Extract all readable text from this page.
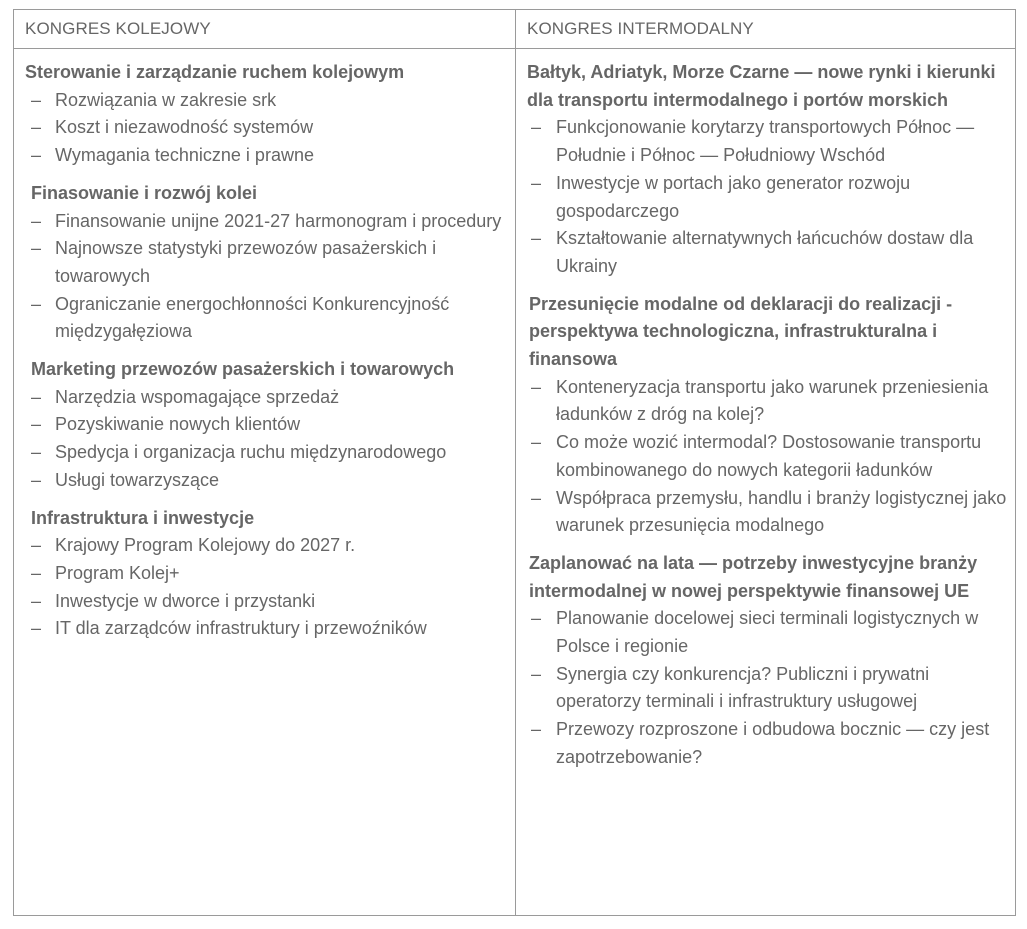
KONGRES KOLEJOWY	KONGRES INTERMODALNY
Sterowanie i zarządzanie ruchem kolejowym
– Rozwiązania w zakresie srk
– Koszt i niezawodność systemów
– Wymagania techniczne i prawne
Finasowanie i rozwój kolei
– Finansowanie unijne 2021-27 harmonogram i procedury
– Najnowsze statystyki przewozów pasażerskich i towarowych
– Ograniczanie energochłonności Konkurencyjność międzygałęziowa
Marketing przewozów pasażerskich i towarowych
– Narzędzia wspomagające sprzedaż
– Pozyskiwanie nowych klientów
– Spedycja i organizacja ruchu międzynarodowego
– Usługi towarzyszące
Infrastruktura i inwestycje
– Krajowy Program Kolejowy do 2027 r.
– Program Kolej+
– Inwestycje w dworce i przystanki
– IT dla zarządców infrastruktury i przewoźników
Bałtyk, Adriatyk, Morze Czarne — nowe rynki i kierunki dla transportu intermodalnego i portów morskich
– Funkcjonowanie korytarzy transportowych Północ — Południe i Północ — Południowy Wschód
– Inwestycje w portach jako generator rozwoju gospodarczego
– Kształtowanie alternatywnych łańcuchów dostaw dla Ukrainy
Przesunięcie modalne od deklaracji do realizacji - perspektywa technologiczna, infrastrukturalna i finansowa
– Konteneryzacja transportu jako warunek przeniesienia ładunków z dróg na kolej?
– Co może wozić intermodal? Dostosowanie transportu kombinowanego do nowych kategorii ładunków
– Współpraca przemysłu, handlu i branży logistycznej jako warunek przesunięcia modalnego
Zaplanować na lata — potrzeby inwestycyjne branży intermodalnej w nowej perspektywie finansowej UE
– Planowanie docelowej sieci terminali logistycznych w Polsce i regionie
– Synergia czy konkurencja? Publiczni i prywatni operatorzy terminali i infrastruktury usługowej
– Przewozy rozproszone i odbudowa bocznic — czy jest zapotrzebowanie?
